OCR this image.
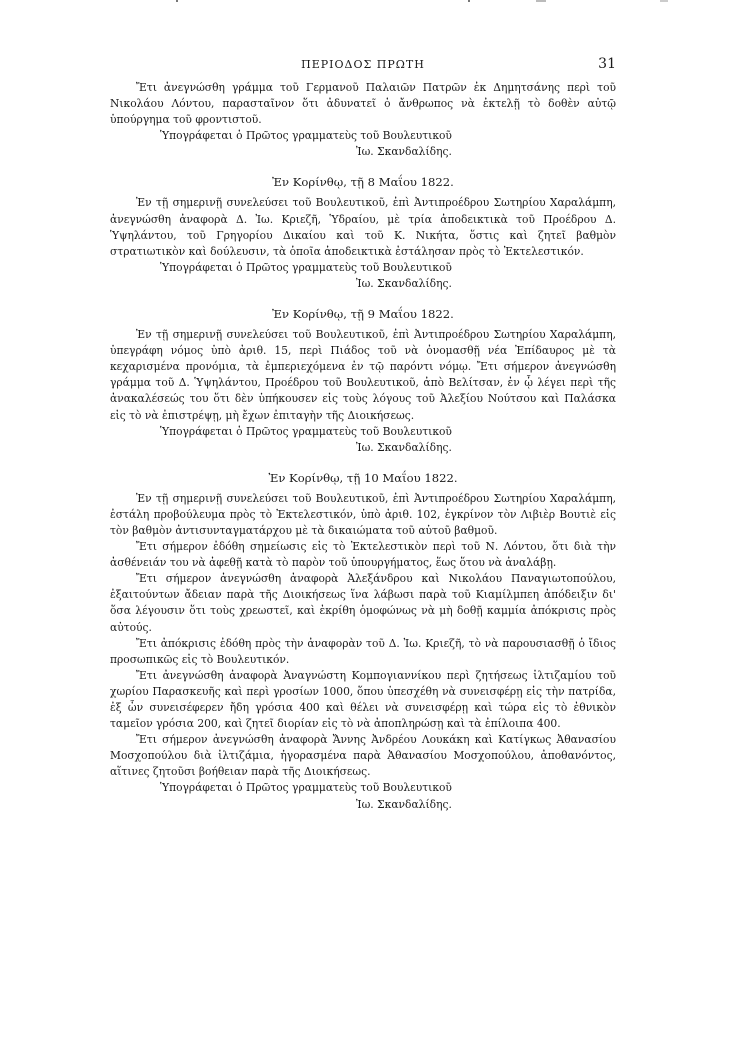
ΠΕΡΙΟΔΟΣ ΠΡΩΤΗ	31

Ἔτι ἀνεγνώσθη γράμμα τοῦ Γερμανοῦ Παλαιῶν Πατρῶν ἐκ Δημητσάνης περὶ τοῦ Νικολάου Λόντου, παρασταῖνον ὅτι ἀδυνατεῖ ὁ ἄνθρωπος νὰ ἐκτελῇ τὸ δοθὲν αὐτῷ ὑπούργημα τοῦ φροντιστοῦ.

Ὑπογράφεται ὁ Πρῶτος γραμματεὺς τοῦ Βουλευτικοῦ
Ἰω. Σκανδαλίδης.
Ἐν Κορίνθῳ, τῇ 8 Μαΐου 1822.

Ἐν τῇ σημερινῇ συνελεύσει τοῦ Βουλευτικοῦ, ἐπὶ Ἀντιπροέδρου Σωτηρίου Χαραλάμπη, ἀνεγνώσθη ἀναφορὰ Δ. Ἰω. Κριεζῆ, Ὑδραίου, μὲ τρία ἀποδεικτικὰ τοῦ Προέδρου Δ. Ὑψηλάντου, τοῦ Γρηγορίου Δικαίου καὶ τοῦ Κ. Νικήτα, ὅστις καὶ ζητεῖ βαθμὸν στρατιωτικὸν καὶ δούλευσιν, τὰ ὁποῖα ἀποδεικτικὰ ἐστάλησαν πρὸς τὸ Ἐκτελεστικόν.

Ὑπογράφεται ὁ Πρῶτος γραμματεὺς τοῦ Βουλευτικοῦ
Ἰω. Σκανδαλίδης.
Ἐν Κορίνθῳ, τῇ 9 Μαΐου 1822.

Ἐν τῇ σημερινῇ συνελεύσει τοῦ Βουλευτικοῦ, ἐπὶ Ἀντιπροέδρου Σωτηρίου Χαραλάμπη, ὑπεγράφη νόμος ὑπὸ ἀριθ. 15, περὶ Πιάδος τοῦ νὰ ὀνομασθῇ νέα Ἐπίδαυρος μὲ τὰ κεχαρισμένα προνόμια, τὰ ἐμπεριεχόμενα ἐν τῷ παρόντι νόμῳ. Ἔτι σήμερον ἀνεγνώσθη γράμμα τοῦ Δ. Ὑψηλάντου, Προέδρου τοῦ Βουλευτικοῦ, ἀπὸ Βελίτσαν, ἐν ᾧ λέγει περὶ τῆς ἀνακαλέσεώς του ὅτι δὲν ὑπήκουσεν εἰς τοὺς λόγους τοῦ Ἀλεξίου Νούτσου καὶ Παλάσκα εἰς τὸ νὰ ἐπιστρέψῃ, μὴ ἔχων ἐπιταγὴν τῆς Διοικήσεως.

Ὑπογράφεται ὁ Πρῶτος γραμματεὺς τοῦ Βουλευτικοῦ
Ἰω. Σκανδαλίδης.
Ἐν Κορίνθῳ, τῇ 10 Μαΐου 1822.

Ἐν τῇ σημερινῇ συνελεύσει τοῦ Βουλευτικοῦ, ἐπὶ Ἀντιπροέδρου Σωτηρίου Χαραλάμπη, ἐστάλη προβούλευμα πρὸς τὸ Ἐκτελεστικόν, ὑπὸ ἀριθ. 102, ἐγκρίνον τὸν Λιβιὲρ Βουτιὲ εἰς τὸν βαθμὸν ἀντισυνταγματάρχου μὲ τὰ δικαιώματα τοῦ αὐτοῦ βαθμοῦ.

Ἔτι σήμερον ἐδόθη σημείωσις εἰς τὸ Ἐκτελεστικὸν περὶ τοῦ Ν. Λόντου, ὅτι διὰ τὴν ἀσθένειάν του νὰ ἀφεθῇ κατὰ τὸ παρὸν τοῦ ὑπουργήματος, ἕως ὅτου νὰ ἀναλάβῃ.

Ἔτι σήμερον ἀνεγνώσθη ἀναφορὰ Ἀλεξάνδρου καὶ Νικολάου Παναγιωτοπούλου, ἐξαιτούντων ἄδειαν παρὰ τῆς Διοικήσεως ἵνα λάβωσι παρὰ τοῦ Κιαμίλμπεη ἀπόδειξιν δι' ὅσα λέγουσιν ὅτι τοὺς χρεωστεῖ, καὶ ἐκρίθη ὁμοφώνως νὰ μὴ δοθῇ καμμία ἀπόκρισις πρὸς αὐτούς.

Ἔτι ἀπόκρισις ἐδόθη πρὸς τὴν ἀναφορὰν τοῦ Δ. Ἰω. Κριεζῆ, τὸ νὰ παρουσιασθῇ ὁ ἴδιος προσωπικῶς εἰς τὸ Βουλευτικόν.

Ἔτι ἀνεγνώσθη ἀναφορὰ Ἀναγνώστη Κομπογιαννίκου περὶ ζητήσεως ἰλτιζαμίου τοῦ χωρίου Παρασκευῆς καὶ περὶ γροσίων 1000, ὅπου ὑπεσχέθη νὰ συνεισφέρῃ εἰς τὴν πατρίδα, ἐξ ὧν συνεισέφερεν ἤδη γρόσια 400 καὶ θέλει νὰ συνεισφέρῃ καὶ τώρα εἰς τὸ ἐθνικὸν ταμεῖον γρόσια 200, καὶ ζητεῖ διορίαν εἰς τὸ νὰ ἀποπληρώσῃ καὶ τὰ ἐπίλοιπα 400.

Ἔτι σήμερον ἀνεγνώσθη ἀναφορὰ Ἄννης Ἀνδρέου Λουκάκη καὶ Κατίγκως Ἀθανασίου Μοσχοπούλου διὰ ἰλτιζάμια, ἠγορασμένα παρὰ Ἀθανασίου Μοσχοπούλου, ἀποθανόντος, αἵτινες ζητοῦσι βοήθειαν παρὰ τῆς Διοικήσεως.

Ὑπογράφεται ὁ Πρῶτος γραμματεὺς τοῦ Βουλευτικοῦ
Ἰω. Σκανδαλίδης.
